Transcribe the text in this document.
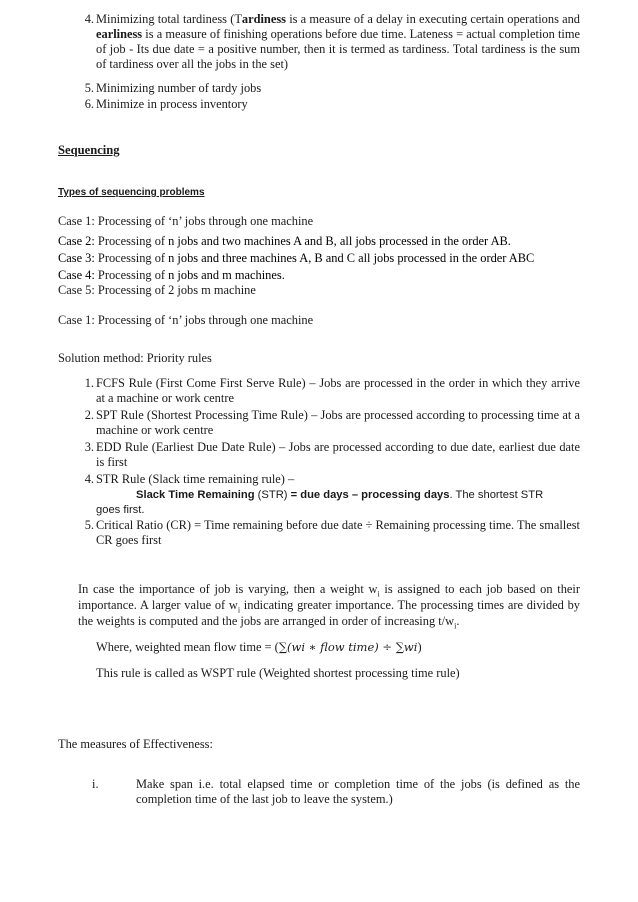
4. Minimizing total tardiness (Tardiness is a measure of a delay in executing certain operations and earliness is a measure of finishing operations before due time. Lateness = actual completion time of job - Its due date = a positive number, then it is termed as tardiness. Total tardiness is the sum of tardiness over all the jobs in the set)
5. Minimizing number of tardy jobs
6. Minimize in process inventory
Sequencing
Types of sequencing problems
Case 1: Processing of ‘n’ jobs through one machine
Case 2: Processing of n jobs and two machines A and B, all jobs processed in the order AB.
Case 3: Processing of n jobs and three machines A, B and C all jobs processed in the order ABC
Case 4: Processing of n jobs and m machines.
Case 5: Processing of 2 jobs m machine
Case 1: Processing of ‘n’ jobs through one machine
Solution method: Priority rules
1. FCFS Rule (First Come First Serve Rule) – Jobs are processed in the order in which they arrive at a machine or work centre
2. SPT Rule (Shortest Processing Time Rule) – Jobs are processed according to processing time at a machine or work centre
3. EDD Rule (Earliest Due Date Rule) – Jobs are processed according to due date, earliest due date is first
4. STR Rule (Slack time remaining rule) –
Slack Time Remaining (STR) = due days – processing days. The shortest STR
goes first.
5. Critical Ratio (CR) = Time remaining before due date ÷ Remaining processing time. The smallest CR goes first
In case the importance of job is varying, then a weight $w_i$ is assigned to each job based on their importance. A larger value of $w_i$ indicating greater importance. The processing times are divided by the weights is computed and the jobs are arranged in order of increasing $t/w_i$.
Where, weighted mean flow time = (∑(wi ∗ flow time) ÷ ∑wi)
This rule is called as WSPT rule (Weighted shortest processing time rule)
The measures of Effectiveness:
i.	Make span i.e. total elapsed time or completion time of the jobs (is defined as the completion time of the last job to leave the system.)
